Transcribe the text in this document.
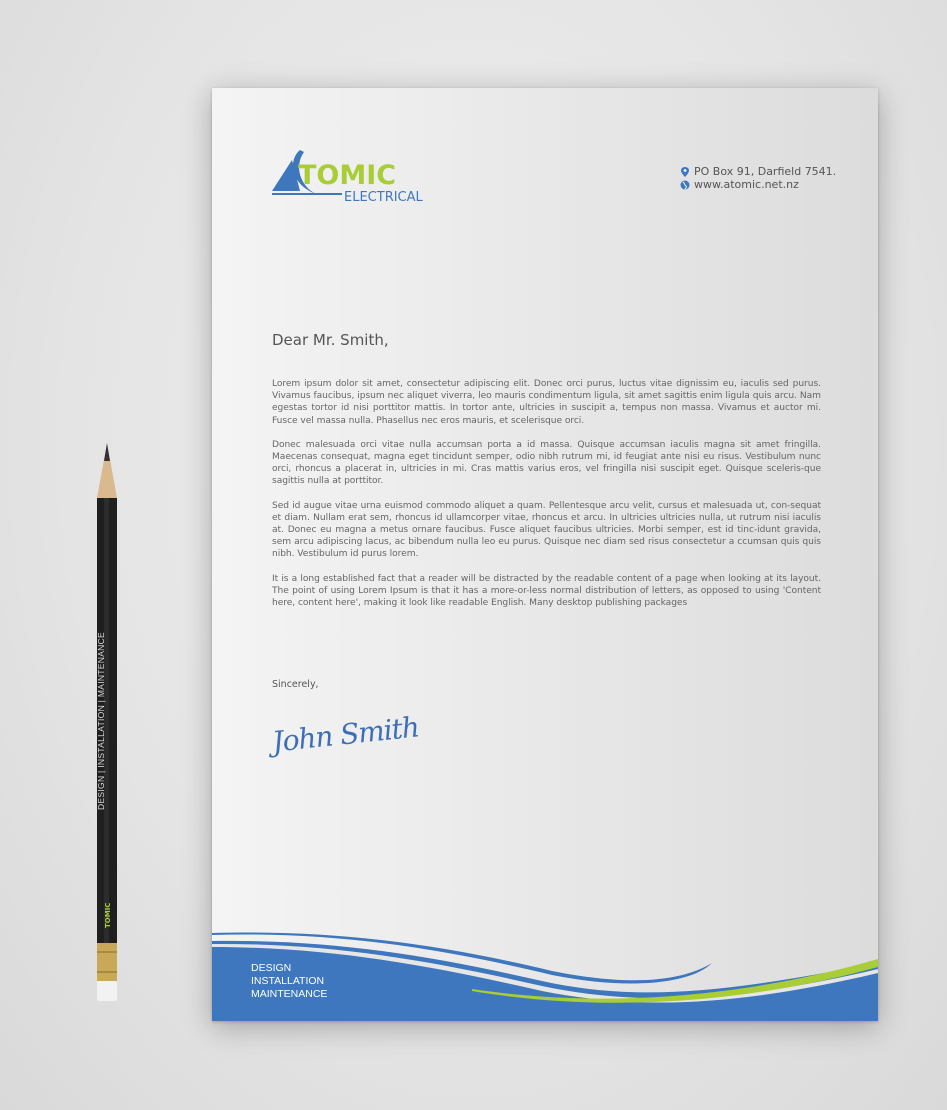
TOMIC
ELECTRICAL
PO Box 91, Darfield 7541.
www.atomic.net.nz
Dear Mr. Smith,

Lorem ipsum dolor sit amet, consectetur adipiscing elit. Donec orci purus, luctus vitae dignissim eu, iaculis sed purus. Vivamus faucibus, ipsum nec aliquet viverra, leo mauris condimentum ligula, sit amet sagittis enim ligula quis arcu. Nam egestas tortor id nisi porttitor mattis. In tortor ante, ultricies in suscipit a, tempus non massa. Vivamus et auctor mi. Fusce vel massa nulla. Phasellus nec eros mauris, et scelerisque orci.

Donec malesuada orci vitae nulla accumsan porta a id massa. Quisque accumsan iaculis magna sit amet fringilla. Maecenas consequat, magna eget tincidunt semper, odio nibh rutrum mi, id feugiat ante nisi eu risus. Vestibulum nunc orci, rhoncus a placerat in, ultricies in mi. Cras mattis varius eros, vel fringilla nisi suscipit eget. Quisque sceleris-que sagittis nulla at porttitor.

Sed id augue vitae urna euismod commodo aliquet a quam. Pellentesque arcu velit, cursus et malesuada ut, con-sequat et diam. Nullam erat sem, rhoncus id ullamcorper vitae, rhoncus et arcu. In ultricies ultricies nulla, ut rutrum nisi iaculis at. Donec eu magna a metus ornare faucibus. Fusce aliquet faucibus ultricies. Morbi semper, est id tinc-idunt gravida, sem arcu adipiscing lacus, ac bibendum nulla leo eu purus. Quisque nec diam sed risus consectetur a ccumsan quis quis nibh. Vestibulum id purus lorem.

It is a long established fact that a reader will be distracted by the readable content of a page when looking at its layout. The point of using Lorem Ipsum is that it has a more-or-less normal distribution of letters, as opposed to using 'Content here, content here', making it look like readable English. Many desktop publishing packages

Sincerely,
John Smith
DESIGN
INSTALLATION
MAINTENANCE
TOMIC
DESIGN | INSTALLATION | MAINTENANCE
